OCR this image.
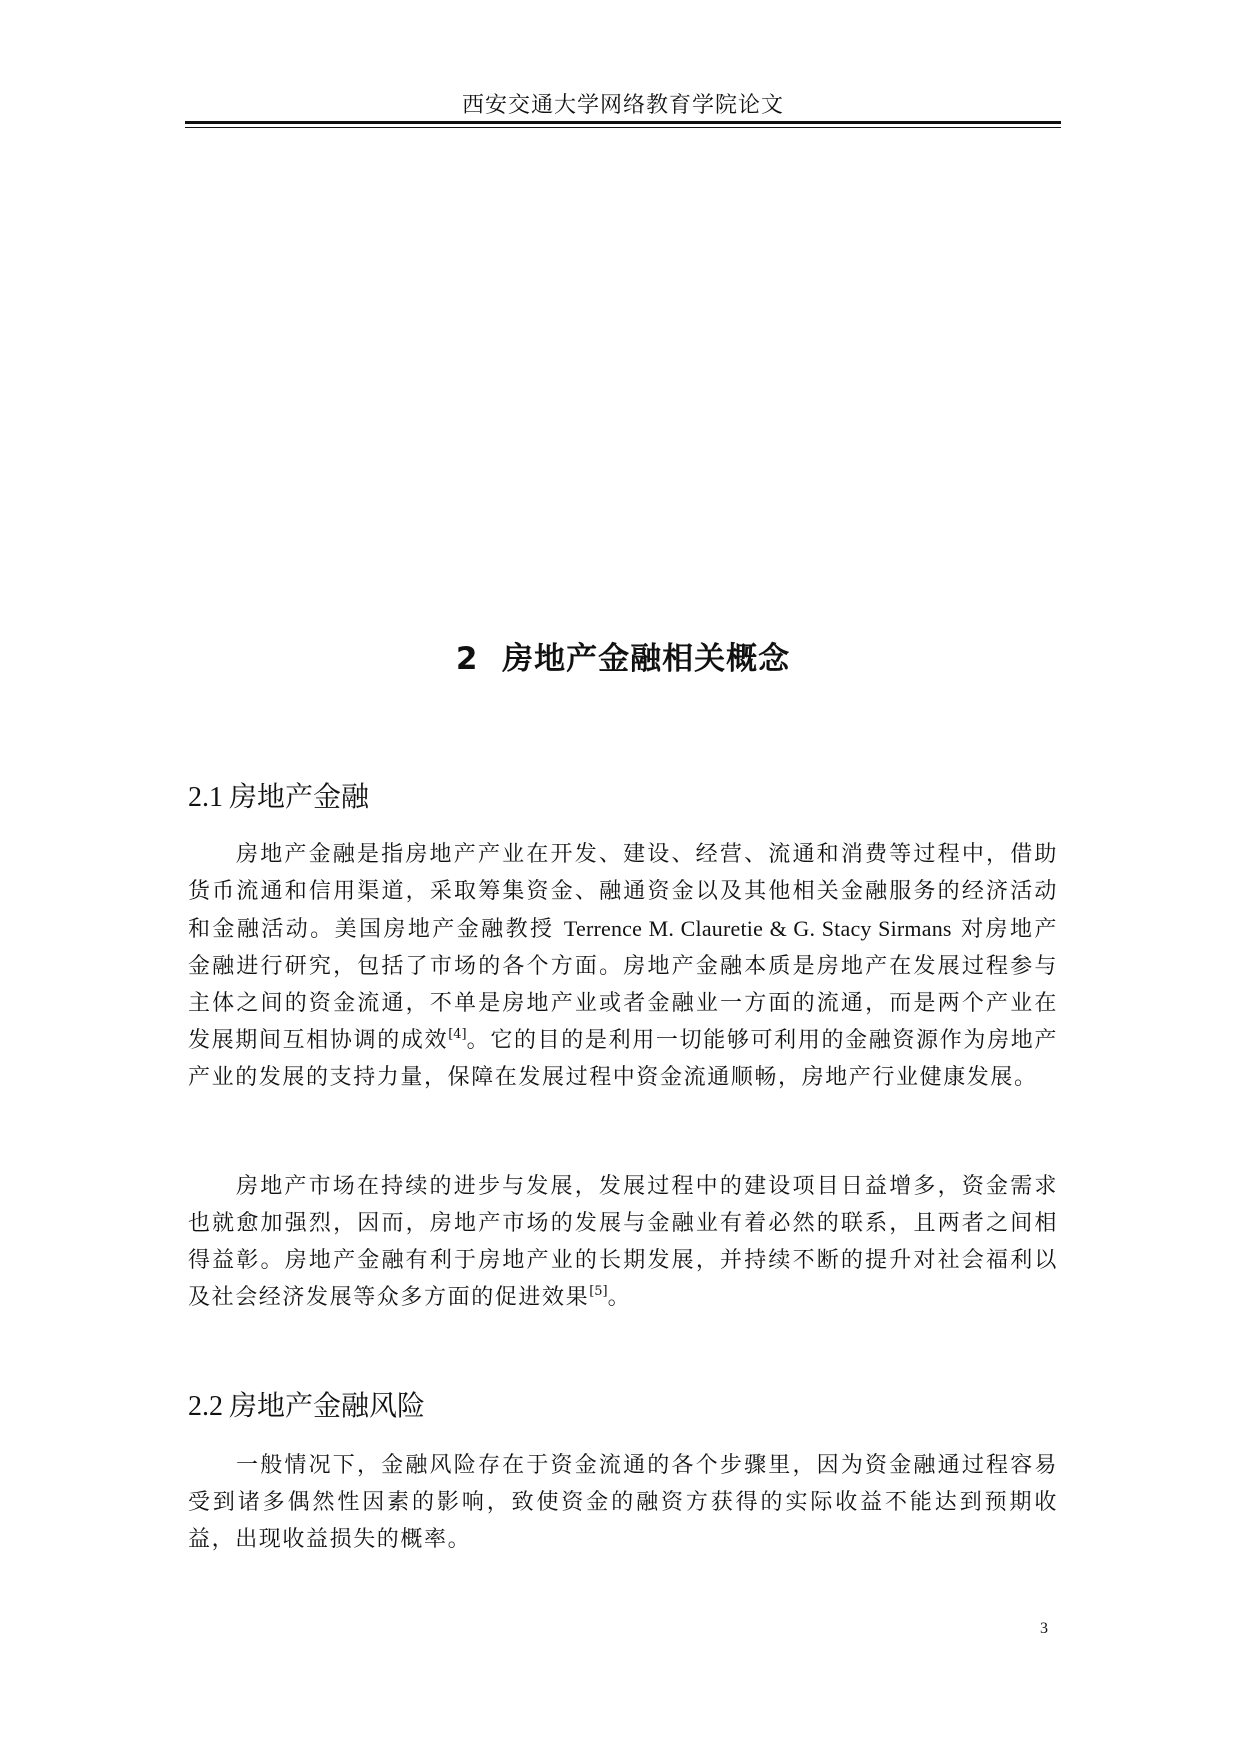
西安交通大学网络教育学院论文
2 房地产金融相关概念
2.1 房地产金融

房地产金融是指房地产产业在开发、建设、经营、流通和消费等过程中，借助货币流通和信用渠道，采取筹集资金、融通资金以及其他相关金融服务的经济活动和金融活动。美国房地产金融教授 Terrence M. Clauretie & G. Stacy Sirmans 对房地产金融进行研究，包括了市场的各个方面。房地产金融本质是房地产在发展过程参与主体之间的资金流通，不单是房地产业或者金融业一方面的流通，而是两个产业在发展期间互相协调的成效[4]。它的目的是利用一切能够可利用的金融资源作为房地产产业的发展的支持力量，保障在发展过程中资金流通顺畅，房地产行业健康发展。

房地产市场在持续的进步与发展，发展过程中的建设项目日益增多，资金需求也就愈加强烈，因而，房地产市场的发展与金融业有着必然的联系，且两者之间相得益彰。房地产金融有利于房地产业的长期发展，并持续不断的提升对社会福利以及社会经济发展等众多方面的促进效果[5]。

2.2 房地产金融风险

一般情况下，金融风险存在于资金流通的各个步骤里，因为资金融通过程容易受到诸多偶然性因素的影响，致使资金的融资方获得的实际收益不能达到预期收益，出现收益损失的概率。

3
